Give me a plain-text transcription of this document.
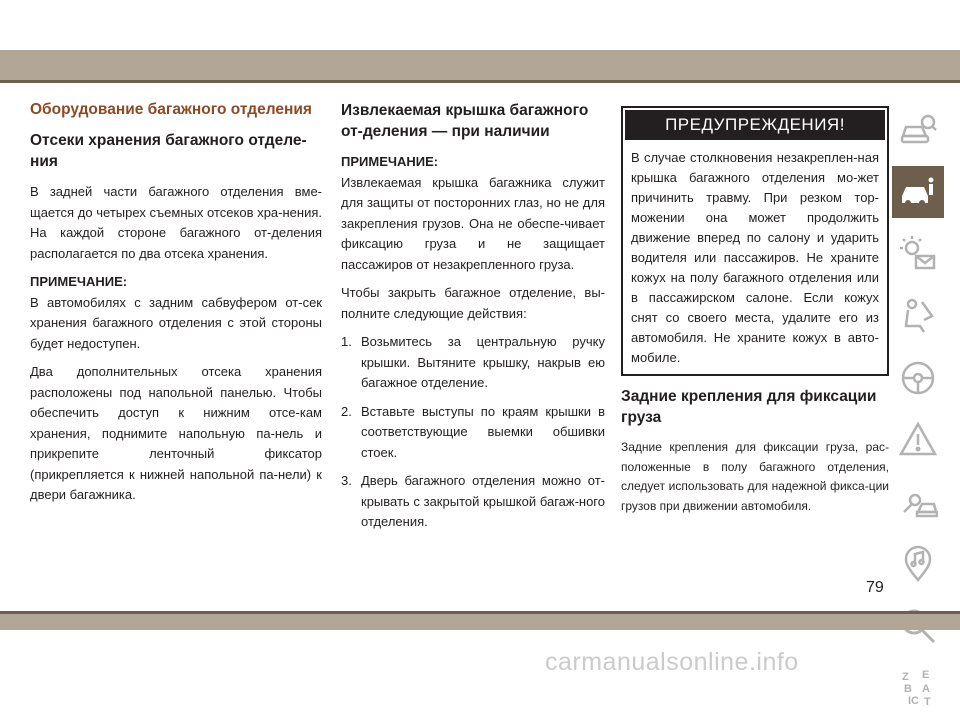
Оборудование багажного отделения
Отсеки хранения багажного отделе-ния

В задней части багажного отделения вме-щается до четырех съемных отсеков хра-нения. На каждой стороне багажного от-деления располагается по два отсека хранения.

ПРИМЕЧАНИЕ:

В автомобилях с задним сабвуфером от-сек хранения багажного отделения с этой стороны будет недоступен.

Два дополнительных отсека хранения расположены под напольной панелью. Чтобы обеспечить доступ к нижним отсе-кам хранения, поднимите напольную па-нель и прикрепите ленточный фиксатор (прикрепляется к нижней напольной па-нели) к двери багажника.

Извлекаемая крышка багажного от-деления — при наличии
ПРИМЕЧАНИЕ:

Извлекаемая крышка багажника служит для защиты от посторонних глаз, но не для закрепления грузов. Она не обеспе-чивает фиксацию груза и не защищает пассажиров от незакрепленного груза.

Чтобы закрыть багажное отделение, вы-полните следующие действия:

1. Возьмитесь за центральную ручку крышки. Вытяните крышку, накрыв ею багажное отделение.
2. Вставьте выступы по краям крышки в соответствующие выемки обшивки стоек.
3. Дверь багажного отделения можно от-крывать с закрытой крышкой багаж-ного отделения.
ПРЕДУПРЕЖДЕНИЯ!
В случае столкновения незакреплен-ная крышка багажного отделения мо-жет причинить травму. При резком тор-можении она может продолжить движение вперед по салону и ударить водителя или пассажиров. Не храните кожух на полу багажного отделения или в пассажирском салоне. Если кожух снят со своего места, удалите его из автомобиля. Не храните кожух в авто-мобиле.
Задние крепления для фиксации груза

Задние крепления для фиксации груза, рас-положенные в полу багажного отделения, следует использовать для надежной фикса-ции грузов при движении автомобиля.

Z E
B A
IC T
79
carmanualsonline.info
